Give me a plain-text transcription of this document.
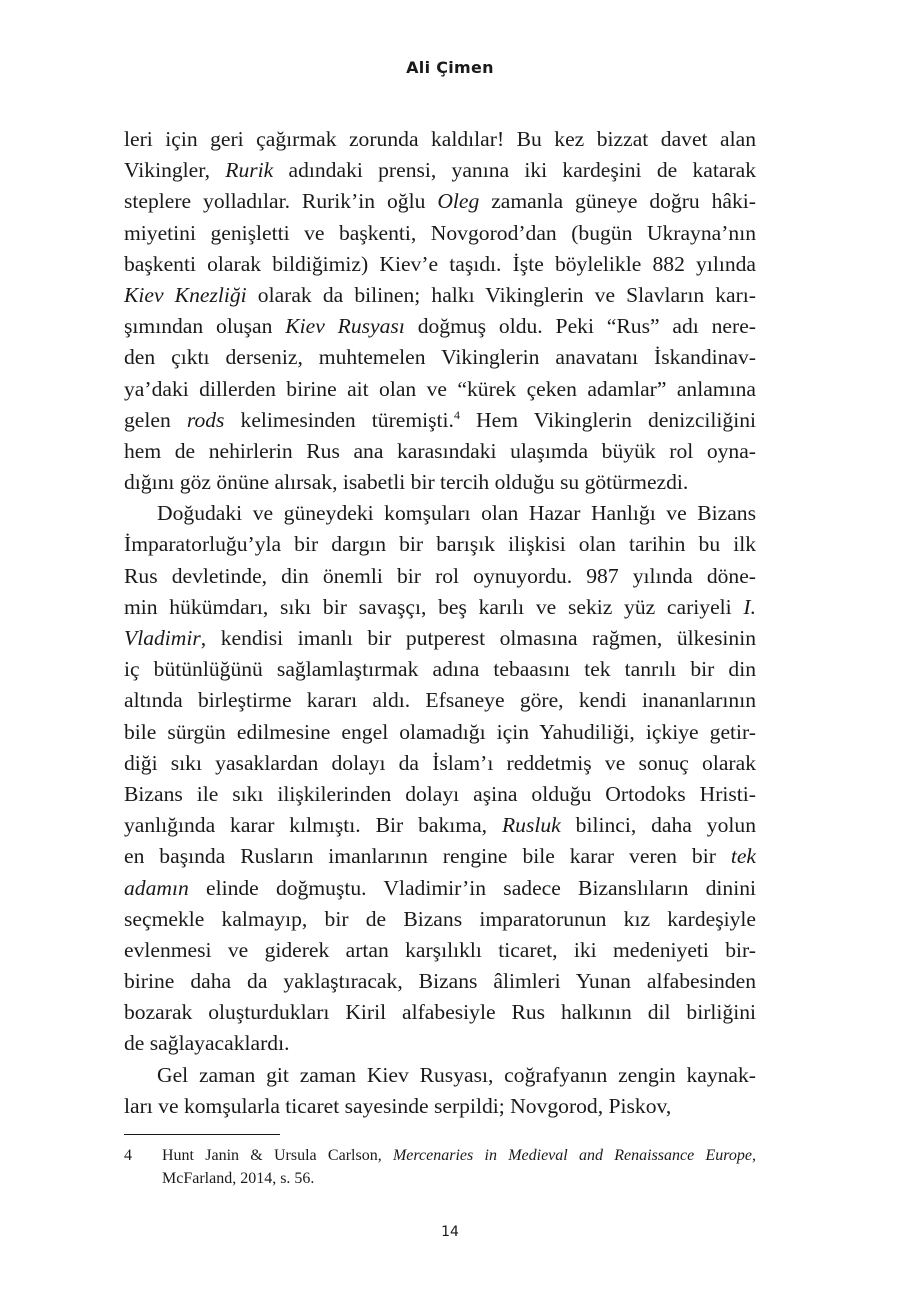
Ali Çimen
leri için geri çağırmak zorunda kaldılar! Bu kez bizzat davet alan
Vikingler, Rurik adındaki prensi, yanına iki kardeşini de katarak
steplere yolladılar. Rurik’in oğlu Oleg zamanla güneye doğru hâki-
miyetini genişletti ve başkenti, Novgorod’dan (bugün Ukrayna’nın
başkenti olarak bildiğimiz) Kiev’e taşıdı. İşte böylelikle 882 yılında
Kiev Knezliği olarak da bilinen; halkı Vikinglerin ve Slavların karı-
şımından oluşan Kiev Rusyası doğmuş oldu. Peki “Rus” adı nere-
den çıktı derseniz, muhtemelen Vikinglerin anavatanı İskandinav-
ya’daki dillerden birine ait olan ve “kürek çeken adamlar” anlamına
gelen rods kelimesinden türemişti.$^4$ Hem Vikinglerin denizciliğini
hem de nehirlerin Rus ana karasındaki ulaşımda büyük rol oyna-
dığını göz önüne alırsak, isabetli bir tercih olduğu su götürmezdi.
Doğudaki ve güneydeki komşuları olan Hazar Hanlığı ve Bizans
İmparatorluğu’yla bir dargın bir barışık ilişkisi olan tarihin bu ilk
Rus devletinde, din önemli bir rol oynuyordu. 987 yılında döne-
min hükümdarı, sıkı bir savaşçı, beş karılı ve sekiz yüz cariyeli I.
Vladimir, kendisi imanlı bir putperest olmasına rağmen, ülkesinin
iç bütünlüğünü sağlamlaştırmak adına tebaasını tek tanrılı bir din
altında birleştirme kararı aldı. Efsaneye göre, kendi inananlarının
bile sürgün edilmesine engel olamadığı için Yahudiliği, içkiye getir-
diği sıkı yasaklardan dolayı da İslam’ı reddetmiş ve sonuç olarak
Bizans ile sıkı ilişkilerinden dolayı aşina olduğu Ortodoks Hristi-
yanlığında karar kılmıştı. Bir bakıma, Rusluk bilinci, daha yolun
en başında Rusların imanlarının rengine bile karar veren bir tek
adamın elinde doğmuştu. Vladimir’in sadece Bizanslıların dinini
seçmekle kalmayıp, bir de Bizans imparatorunun kız kardeşiyle
evlenmesi ve giderek artan karşılıklı ticaret, iki medeniyeti bir-
birine daha da yaklaştıracak, Bizans âlimleri Yunan alfabesinden
bozarak oluşturdukları Kiril alfabesiyle Rus halkının dil birliğini
de sağlayacaklardı.
Gel zaman git zaman Kiev Rusyası, coğrafyanın zengin kaynak-
ları ve komşularla ticaret sayesinde serpildi; Novgorod, Piskov,
4 Hunt Janin & Ursula Carlson, Mercenaries in Medieval and Renaissance Europe,
McFarland, 2014, s. 56.
14
